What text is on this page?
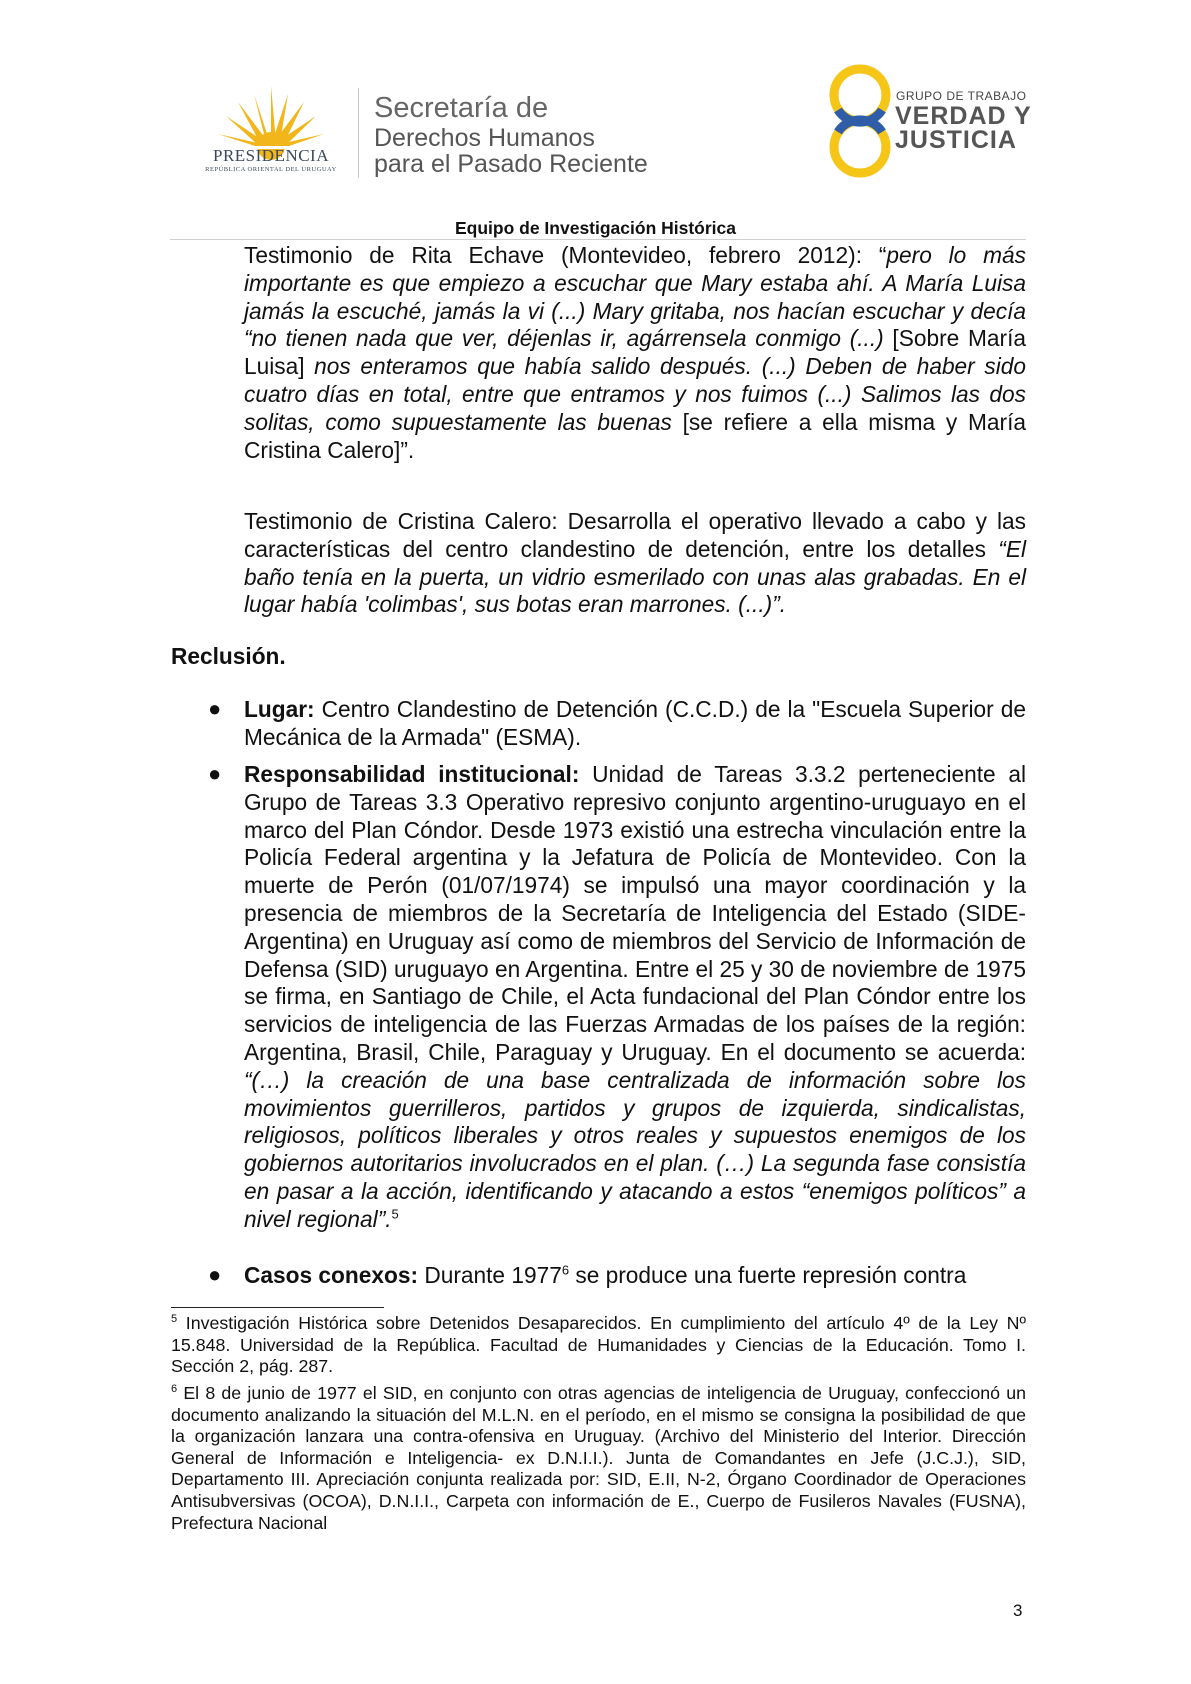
PRESIDENCIA
REPÚBLICA ORIENTAL DEL URUGUAY
Secretaría de
Derechos Humanos
para el Pasado Reciente
GRUPO DE TRABAJO
VERDAD Y
JUSTICIA
Equipo de Investigación Histórica
Testimonio de Rita Echave (Montevideo, febrero 2012): “pero lo más importante es que empiezo a escuchar que Mary estaba ahí. A María Luisa jamás la escuché, jamás la vi (...) Mary gritaba, nos hacían escuchar y decía “no tienen nada que ver, déjenlas ir, agárrensela conmigo (...) [Sobre María Luisa] nos enteramos que había salido después. (...) Deben de haber sido cuatro días en total, entre que entramos y nos fuimos (...) Salimos las dos solitas, como supuestamente las buenas [se refiere a ella misma y María Cristina Calero]”.
Testimonio de Cristina Calero: Desarrolla el operativo llevado a cabo y las características del centro clandestino de detención, entre los detalles “El baño tenía en la puerta, un vidrio esmerilado con unas alas grabadas. En el lugar había 'colimbas', sus botas eran marrones. (...)”.
Reclusión.
● Lugar: Centro Clandestino de Detención (C.C.D.) de la "Escuela Superior de Mecánica de la Armada" (ESMA).
● Responsabilidad institucional: Unidad de Tareas 3.3.2 perteneciente al Grupo de Tareas 3.3 Operativo represivo conjunto argentino-uruguayo en el marco del Plan Cóndor. Desde 1973 existió una estrecha vinculación entre la Policía Federal argentina y la Jefatura de Policía de Montevideo. Con la muerte de Perón (01/07/1974) se impulsó una mayor coordinación y la presencia de miembros de la Secretaría de Inteligencia del Estado (SIDE-Argentina) en Uruguay así como de miembros del Servicio de Información de Defensa (SID) uruguayo en Argentina. Entre el 25 y 30 de noviembre de 1975 se firma, en Santiago de Chile, el Acta fundacional del Plan Cóndor entre los servicios de inteligencia de las Fuerzas Armadas de los países de la región: Argentina, Brasil, Chile, Paraguay y Uruguay. En el documento se acuerda: “(…) la creación de una base centralizada de información sobre los movimientos guerrilleros, partidos y grupos de izquierda, sindicalistas, religiosos, políticos liberales y otros reales y supuestos enemigos de los gobiernos autoritarios involucrados en el plan. (…) La segunda fase consistía en pasar a la acción, identificando y atacando a estos “enemigos políticos” a nivel regional”.$^5$
● Casos conexos: Durante 1977$^6$ se produce una fuerte represión contra
$^5$ Investigación Histórica sobre Detenidos Desaparecidos. En cumplimiento del artículo 4º de la Ley Nº 15.848. Universidad de la República. Facultad de Humanidades y Ciencias de la Educación. Tomo I. Sección 2, pág. 287.
$^6$ El 8 de junio de 1977 el SID, en conjunto con otras agencias de inteligencia de Uruguay, confeccionó un documento analizando la situación del M.L.N. en el período, en el mismo se consigna la posibilidad de que la organización lanzara una contra-ofensiva en Uruguay. (Archivo del Ministerio del Interior. Dirección General de Información e Inteligencia- ex D.N.I.I.). Junta de Comandantes en Jefe (J.C.J.), SID, Departamento III. Apreciación conjunta realizada por: SID, E.II, N-2, Órgano Coordinador de Operaciones Antisubversivas (OCOA), D.N.I.I., Carpeta con información de E., Cuerpo de Fusileros Navales (FUSNA), Prefectura Nacional
3
